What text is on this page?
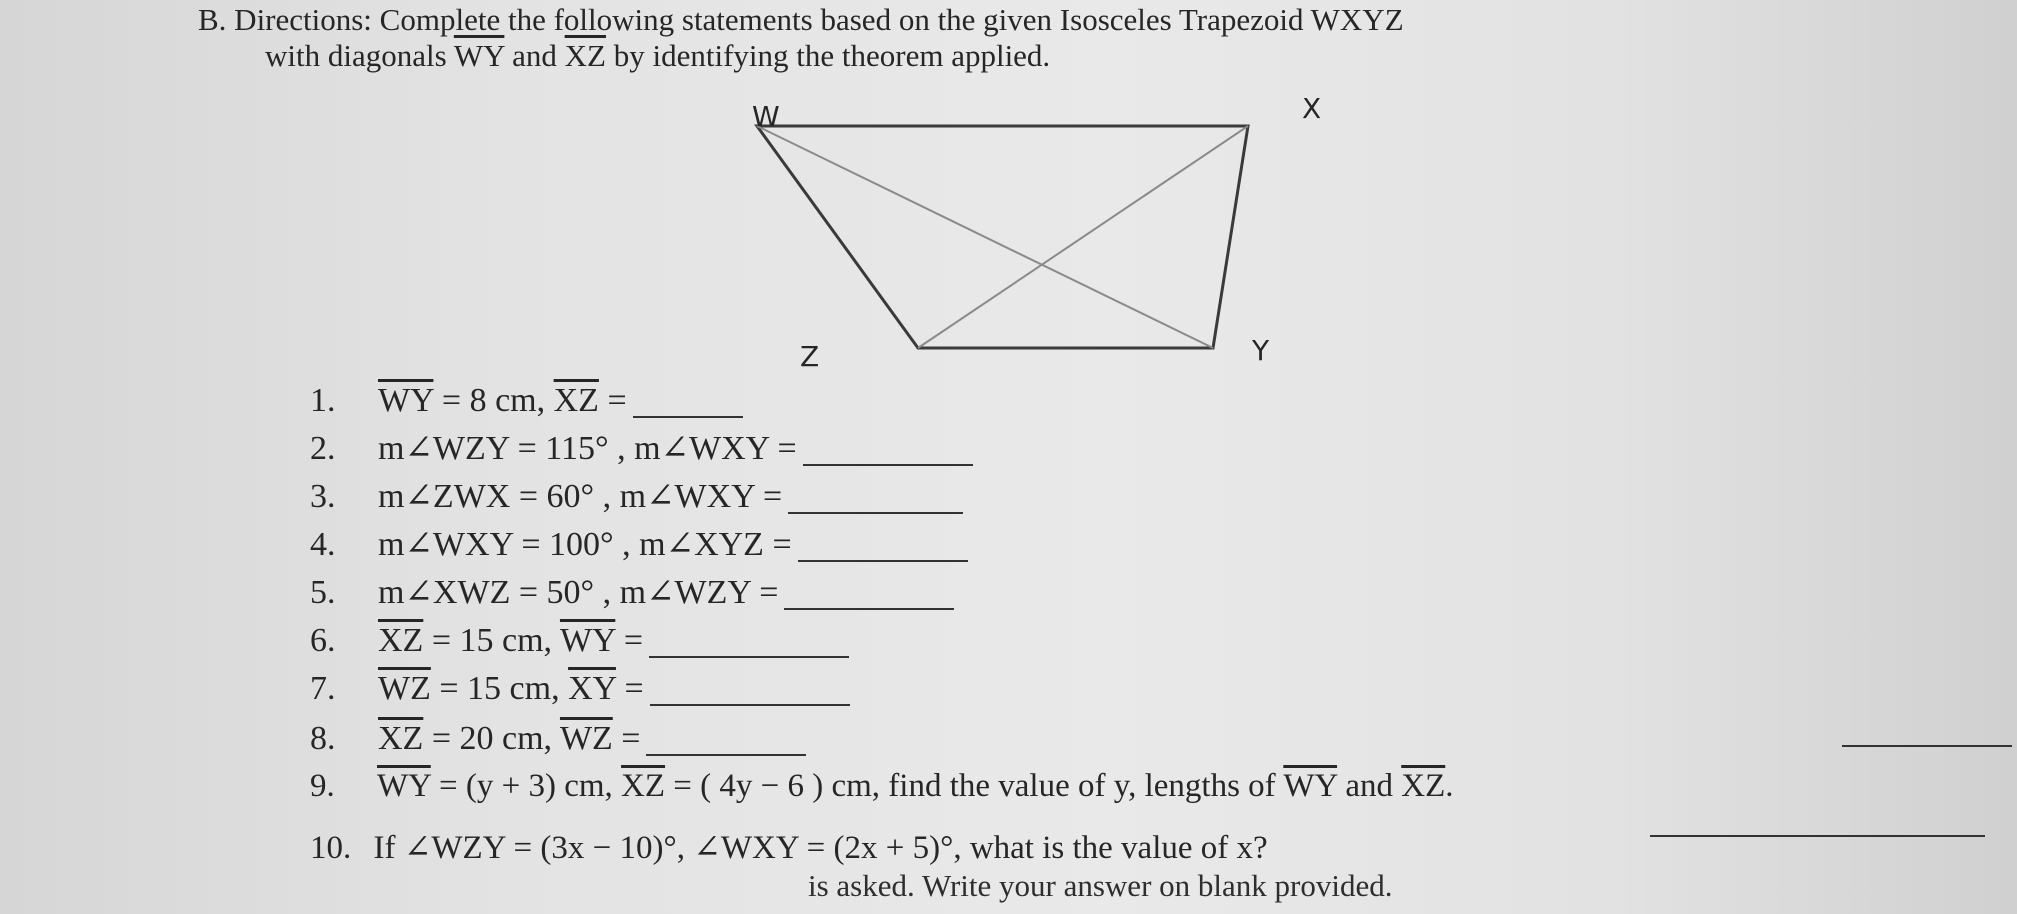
B. Directions: Complete the following statements based on the given Isosceles Trapezoid WXYZ
with diagonals $\overline{WY}$ and $\overline{XZ}$ by identifying the theorem applied.
W	X
Z	Y
1. $\overline{WY} = 8$ cm, $\overline{XZ}$ =
2. m∠WZY = 115° , m∠WXY =
3. m∠ZWX = 60° , m∠WXY =
4. m∠WXY = 100° , m∠XYZ =
5. m∠XWZ = 50° , m∠WZY =
6. $\overline{XZ} = 15$ cm, $\overline{WY}$ =
7. $\overline{WZ} = 15$ cm, $\overline{XY}$ =
8. $\overline{XZ} = 20$ cm, $\overline{WZ}$ =
9. $\overline{WY} = (y + 3)$ cm, $\overline{XZ}$ = ( 4y − 6 ) cm, find the value of y, lengths of $\overline{WY}$ and $\overline{XZ}$.
10. If ∠WZY = (3x − 10)°, ∠WXY = (2x + 5)°, what is the value of x?
is asked. Write your answer on blank provided.
